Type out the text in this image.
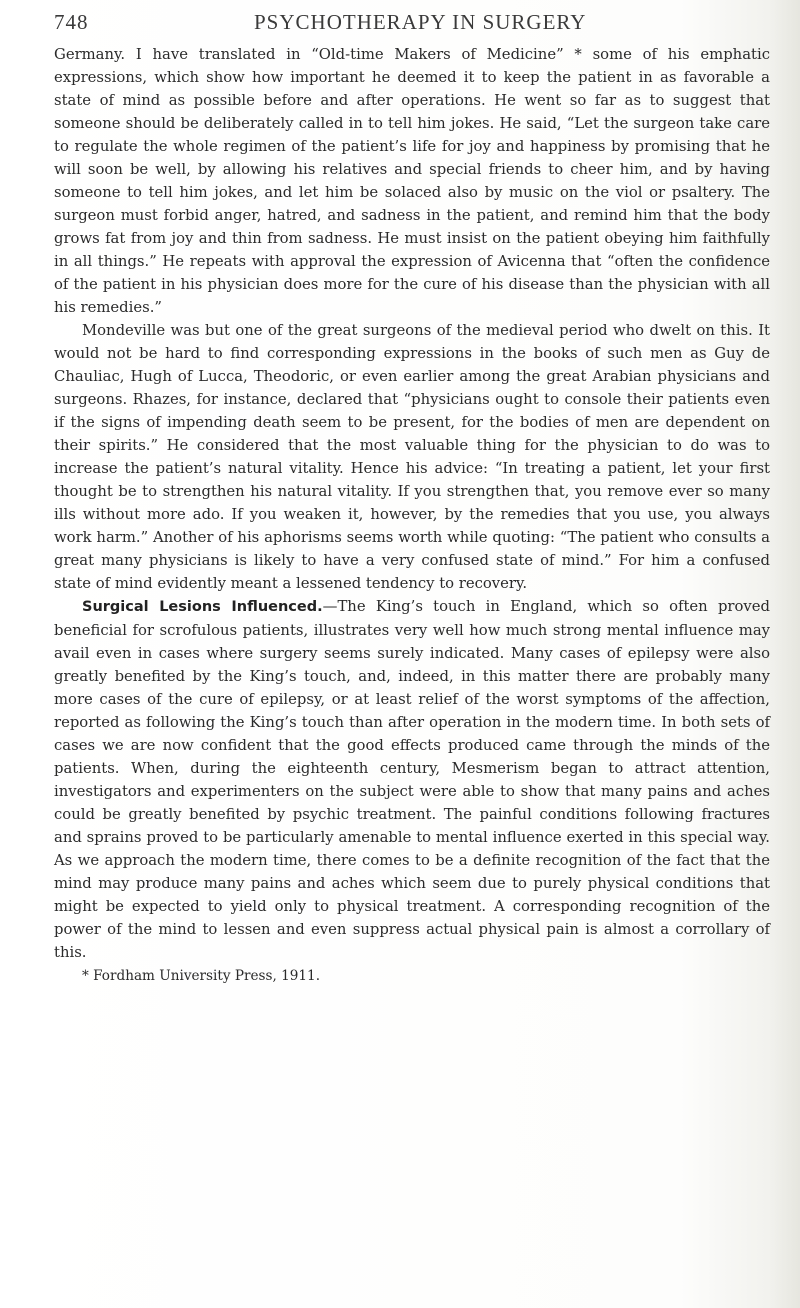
748	PSYCHOTHERAPY IN SURGERY

Germany. I have translated in “Old-time Makers of Medicine” * some of his emphatic expressions, which show how important he deemed it to keep the patient in as favorable a state of mind as possible before and after operations. He went so far as to suggest that someone should be deliberately called in to tell him jokes. He said, “Let the surgeon take care to regulate the whole regimen of the patient’s life for joy and happiness by promising that he will soon be well, by allowing his relatives and special friends to cheer him, and by having someone to tell him jokes, and let him be solaced also by music on the viol or psaltery. The surgeon must forbid anger, hatred, and sadness in the patient, and remind him that the body grows fat from joy and thin from sadness. He must insist on the patient obeying him faithfully in all things.” He repeats with approval the expression of Avicenna that “often the confidence of the patient in his physician does more for the cure of his disease than the physician with all his remedies.”

Mondeville was but one of the great surgeons of the medieval period who dwelt on this. It would not be hard to find corresponding expressions in the books of such men as Guy de Chauliac, Hugh of Lucca, Theodoric, or even earlier among the great Arabian physicians and surgeons. Rhazes, for instance, declared that “physicians ought to console their patients even if the signs of impending death seem to be present, for the bodies of men are dependent on their spirits.” He considered that the most valuable thing for the physician to do was to increase the patient’s natural vitality. Hence his advice: “In treating a patient, let your first thought be to strengthen his natural vitality. If you strengthen that, you remove ever so many ills without more ado. If you weaken it, however, by the remedies that you use, you always work harm.” Another of his aphorisms seems worth while quoting: “The patient who consults a great many physicians is likely to have a very confused state of mind.” For him a confused state of mind evidently meant a lessened tendency to recovery.

Surgical Lesions Influenced.—The King’s touch in England, which so often proved beneficial for scrofulous patients, illustrates very well how much strong mental influence may avail even in cases where surgery seems surely indicated. Many cases of epilepsy were also greatly benefited by the King’s touch, and, indeed, in this matter there are probably many more cases of the cure of epilepsy, or at least relief of the worst symptoms of the affection, reported as following the King’s touch than after operation in the modern time. In both sets of cases we are now confident that the good effects produced came through the minds of the patients. When, during the eighteenth century, Mesmerism began to attract attention, investigators and experimenters on the subject were able to show that many pains and aches could be greatly benefited by psychic treatment. The painful conditions following fractures and sprains proved to be particularly amenable to mental influence exerted in this special way. As we approach the modern time, there comes to be a definite recognition of the fact that the mind may produce many pains and aches which seem due to purely physical conditions that might be expected to yield only to physical treatment. A corresponding recognition of the power of the mind to lessen and even suppress actual physical pain is almost a corrollary of this.

* Fordham University Press, 1911.
